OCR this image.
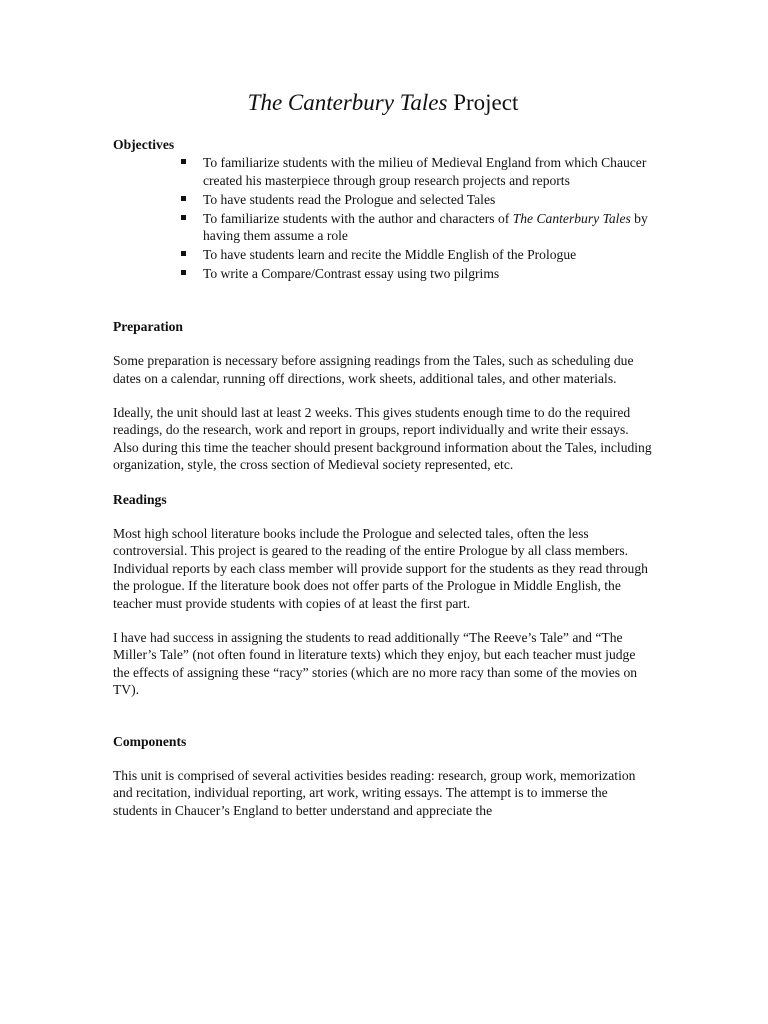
The Canterbury Tales Project

Objectives

To familiarize students with the milieu of Medieval England from which Chaucer created his masterpiece through group research projects and reports
To have students read the Prologue and selected Tales
To familiarize students with the author and characters of The Canterbury Tales by having them assume a role
To have students learn and recite the Middle English of the Prologue
To write a Compare/Contrast essay using two pilgrims

Preparation

Some preparation is necessary before assigning readings from the Tales, such as scheduling due dates on a calendar, running off directions, work sheets, additional tales, and other materials.

Ideally, the unit should last at least 2 weeks. This gives students enough time to do the required readings, do the research, work and report in groups, report individually and write their essays. Also during this time the teacher should present background information about the Tales, including organization, style, the cross section of Medieval society represented, etc.

Readings

Most high school literature books include the Prologue and selected tales, often the less controversial. This project is geared to the reading of the entire Prologue by all class members. Individual reports by each class member will provide support for the students as they read through the prologue. If the literature book does not offer parts of the Prologue in Middle English, the teacher must provide students with copies of at least the first part.

I have had success in assigning the students to read additionally “The Reeve’s Tale” and “The Miller’s Tale” (not often found in literature texts) which they enjoy, but each teacher must judge the effects of assigning these “racy” stories (which are no more racy than some of the movies on TV).

Components

This unit is comprised of several activities besides reading: research, group work, memorization and recitation, individual reporting, art work, writing essays. The attempt is to immerse the students in Chaucer’s England to better understand and appreciate the
